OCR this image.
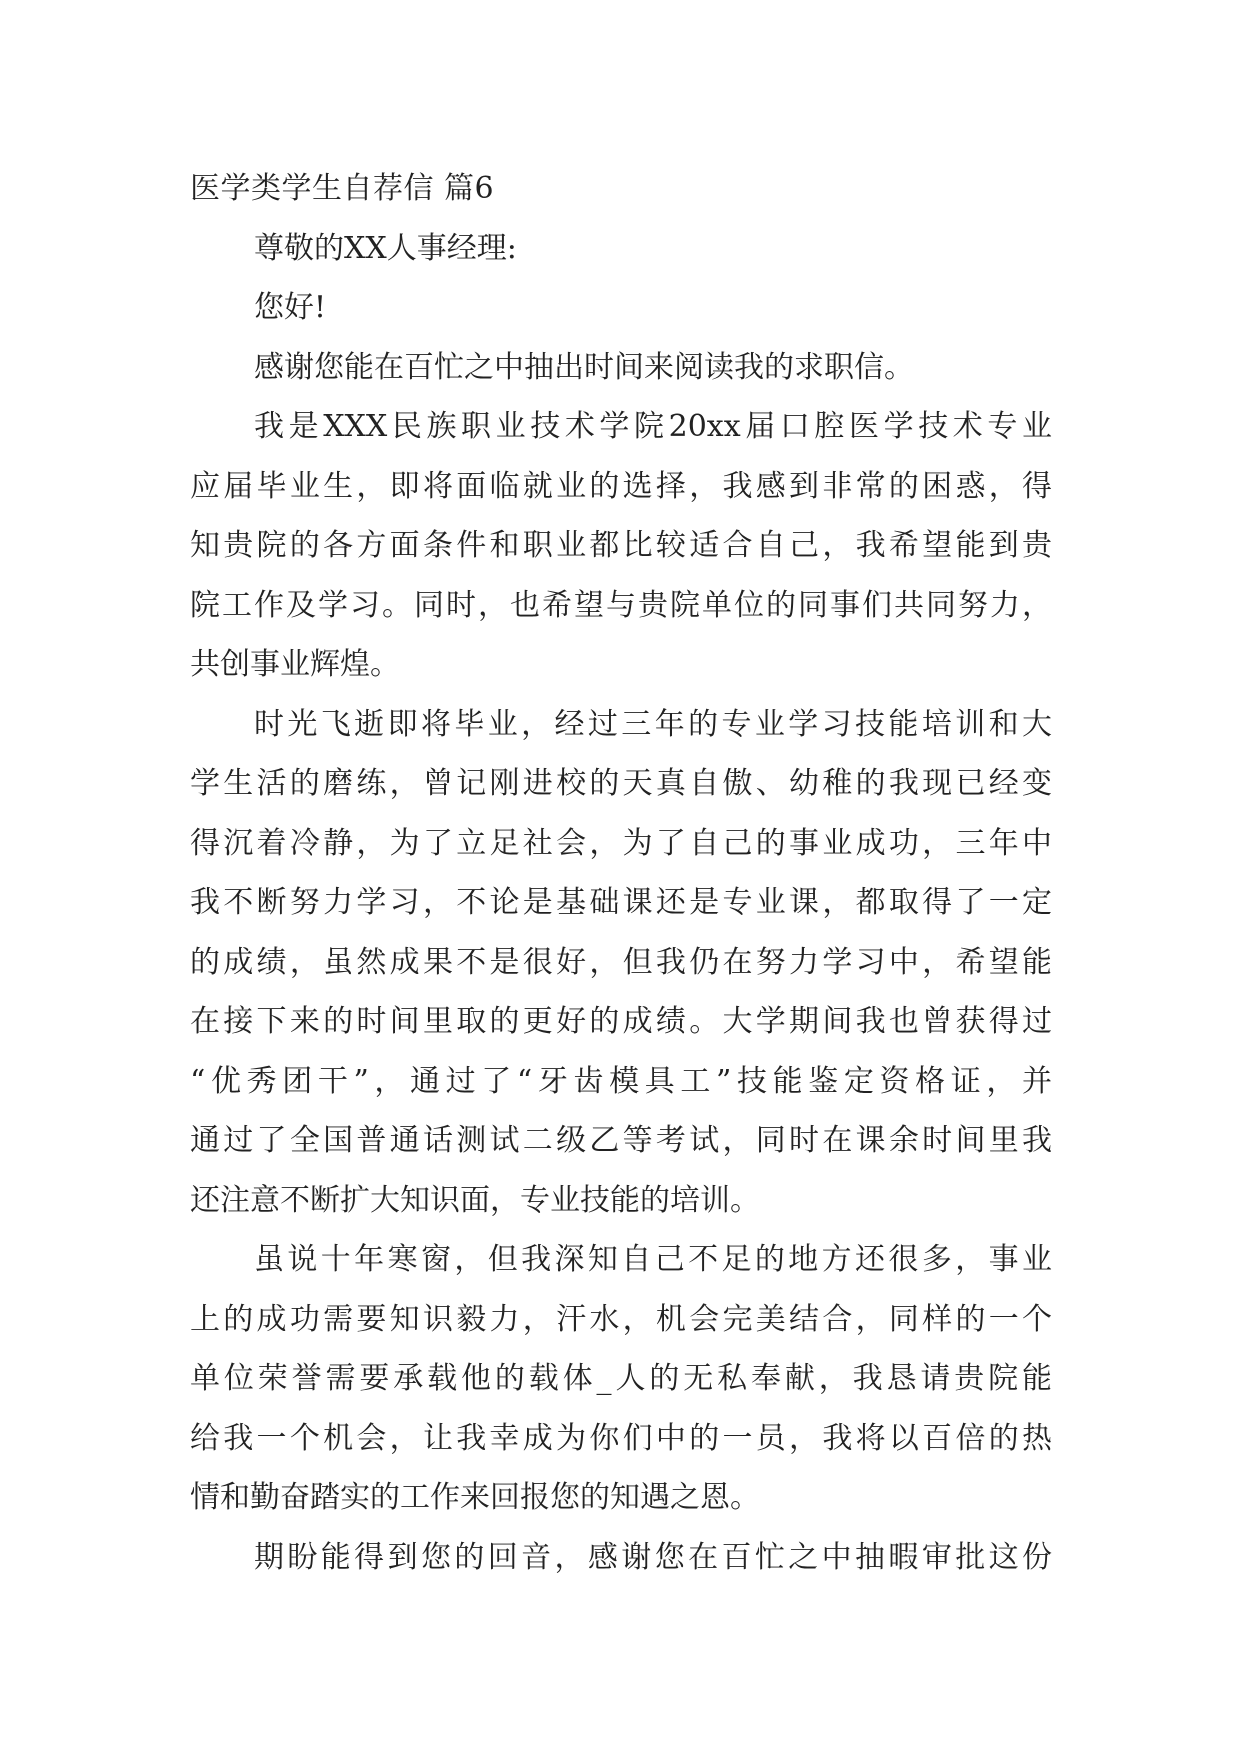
医学类学生自荐信 篇6
尊敬的XX人事经理:
您好!
感谢您能在百忙之中抽出时间来阅读我的求职信。
我是XXX民族职业技术学院20xx届口腔医学技术专业
应届毕业生，即将面临就业的选择，我感到非常的困惑，得
知贵院的各方面条件和职业都比较适合自己，我希望能到贵
院工作及学习。同时，也希望与贵院单位的同事们共同努力，
共创事业辉煌。
时光飞逝即将毕业，经过三年的专业学习技能培训和大
学生活的磨练，曾记刚进校的天真自傲、幼稚的我现已经变
得沉着冷静，为了立足社会，为了自己的事业成功，三年中
我不断努力学习，不论是基础课还是专业课，都取得了一定
的成绩，虽然成果不是很好，但我仍在努力学习中，希望能
在接下来的时间里取的更好的成绩。大学期间我也曾获得过
“优秀团干”，通过了“牙齿模具工”技能鉴定资格证，并
通过了全国普通话测试二级乙等考试，同时在课余时间里我
还注意不断扩大知识面，专业技能的培训。
虽说十年寒窗，但我深知自己不足的地方还很多，事业
上的成功需要知识毅力，汗水，机会完美结合，同样的一个
单位荣誉需要承载他的载体_人的无私奉献，我恳请贵院能
给我一个机会，让我幸成为你们中的一员，我将以百倍的热
情和勤奋踏实的工作来回报您的知遇之恩。
期盼能得到您的回音，感谢您在百忙之中抽暇审批这份
